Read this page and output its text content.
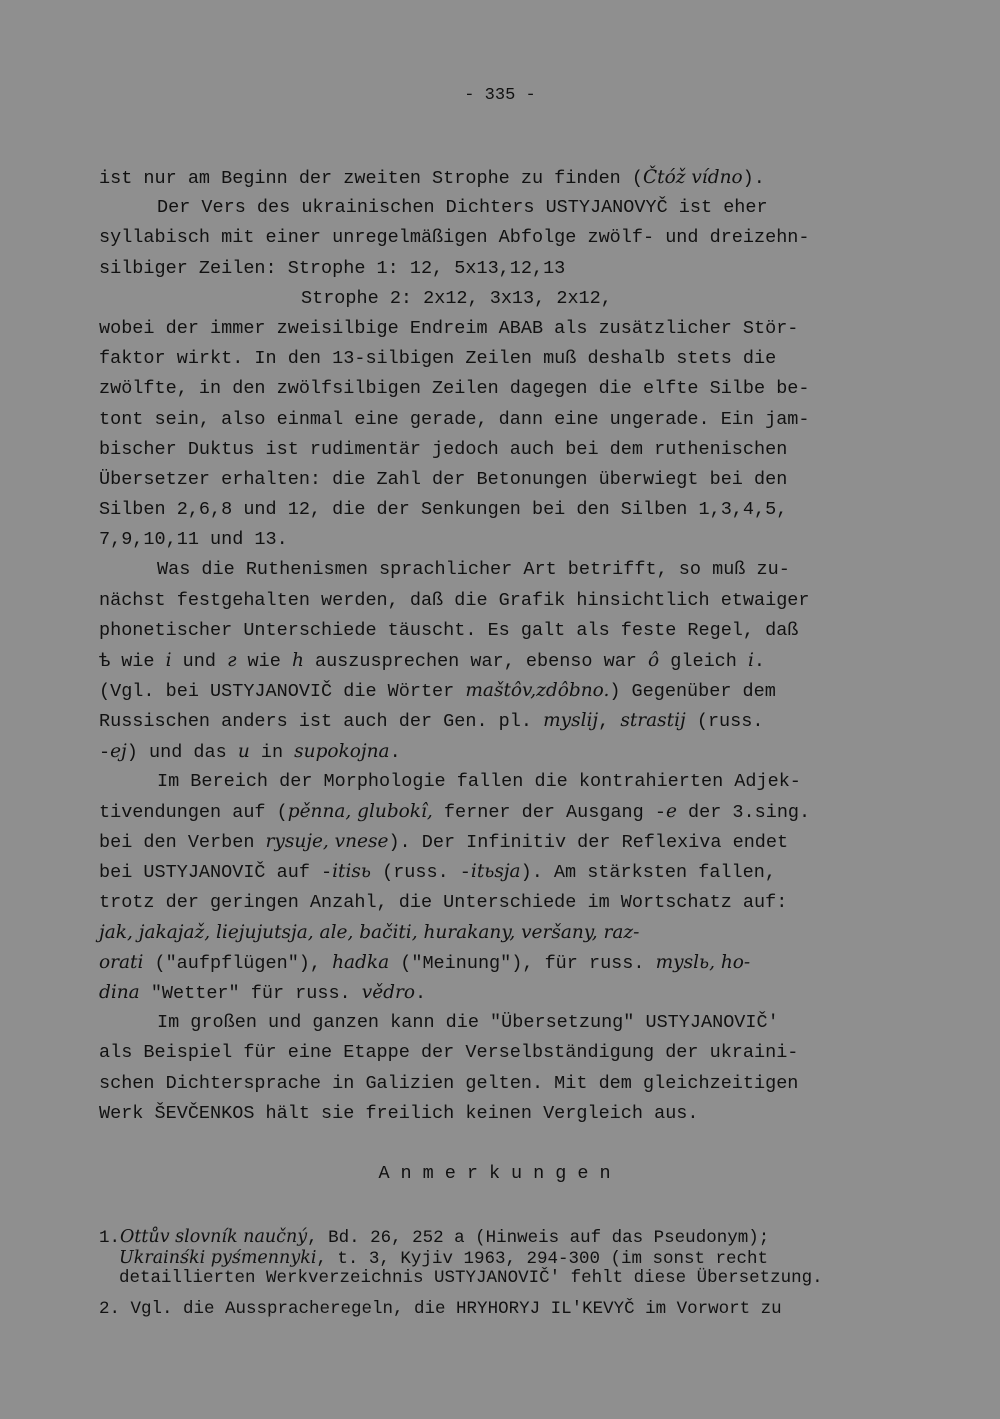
- 335 -
ist nur am Beginn der zweiten Strophe zu finden (Čtóž vídno).
Der Vers des ukrainischen Dichters USTYJANOVYČ ist eher
syllabisch mit einer unregelmäßigen Abfolge zwölf- und dreizehn-
silbiger Zeilen: Strophe 1: 12, 5x13,12,13
Strophe 2: 2x12, 3x13, 2x12,
wobei der immer zweisilbige Endreim ABAB als zusätzlicher Stör-
faktor wirkt. In den 13-silbigen Zeilen muß deshalb stets die
zwölfte, in den zwölfsilbigen Zeilen dagegen die elfte Silbe be-
tont sein, also einmal eine gerade, dann eine ungerade. Ein jam-
bischer Duktus ist rudimentär jedoch auch bei dem ruthenischen
Übersetzer erhalten: die Zahl der Betonungen überwiegt bei den
Silben 2,6,8 und 12, die der Senkungen bei den Silben 1,3,4,5,
7,9,10,11 und 13.
Was die Ruthenismen sprachlicher Art betrifft, so muß zu-
nächst festgehalten werden, daß die Grafik hinsichtlich etwaiger
phonetischer Unterschiede täuscht. Es galt als feste Regel, daß
ѣ wie i und г wie h auszusprechen war, ebenso war ô gleich i.
(Vgl. bei USTYJANOVIČ die Wörter maštôv,zdôbno.) Gegenüber dem
Russischen anders ist auch der Gen. pl. myslij, strastij (russ.
-ej) und das u in supokojna.
Im Bereich der Morphologie fallen die kontrahierten Adjek-
tivendungen auf (pěnna, glubokî, ferner der Ausgang -e der 3.sing.
bei den Verben rysuje, vnese). Der Infinitiv der Reflexiva endet
bei USTYJANOVIČ auf -itisь (russ. -itьsja). Am stärksten fallen,
trotz der geringen Anzahl, die Unterschiede im Wortschatz auf:
jak, jakajaž, liejujutsja, ale, bačiti, hurakany, veršany, raz-
orati ("aufpflügen"), hadka ("Meinung"), für russ. myslь, ho-
dina "Wetter" für russ. vědro.
Im großen und ganzen kann die "Übersetzung" USTYJANOVIČ'
als Beispiel für eine Etappe der Verselbständigung der ukraini-
schen Dichtersprache in Galizien gelten. Mit dem gleichzeitigen
Werk ŠEVČENKOS hält sie freilich keinen Vergleich aus.
Anmerkungen
1.Ottův slovník naučný, Bd. 26, 252 a (Hinweis auf das Pseudonym);
Ukrainśki pyśmennyki, t. 3, Kyjiv 1963, 294-300 (im sonst recht
detaillierten Werkverzeichnis USTYJANOVIČ' fehlt diese Übersetzung.
2. Vgl. die Ausspracheregeln, die HRYHORYJ IL'KEVYČ im Vorwort zu
